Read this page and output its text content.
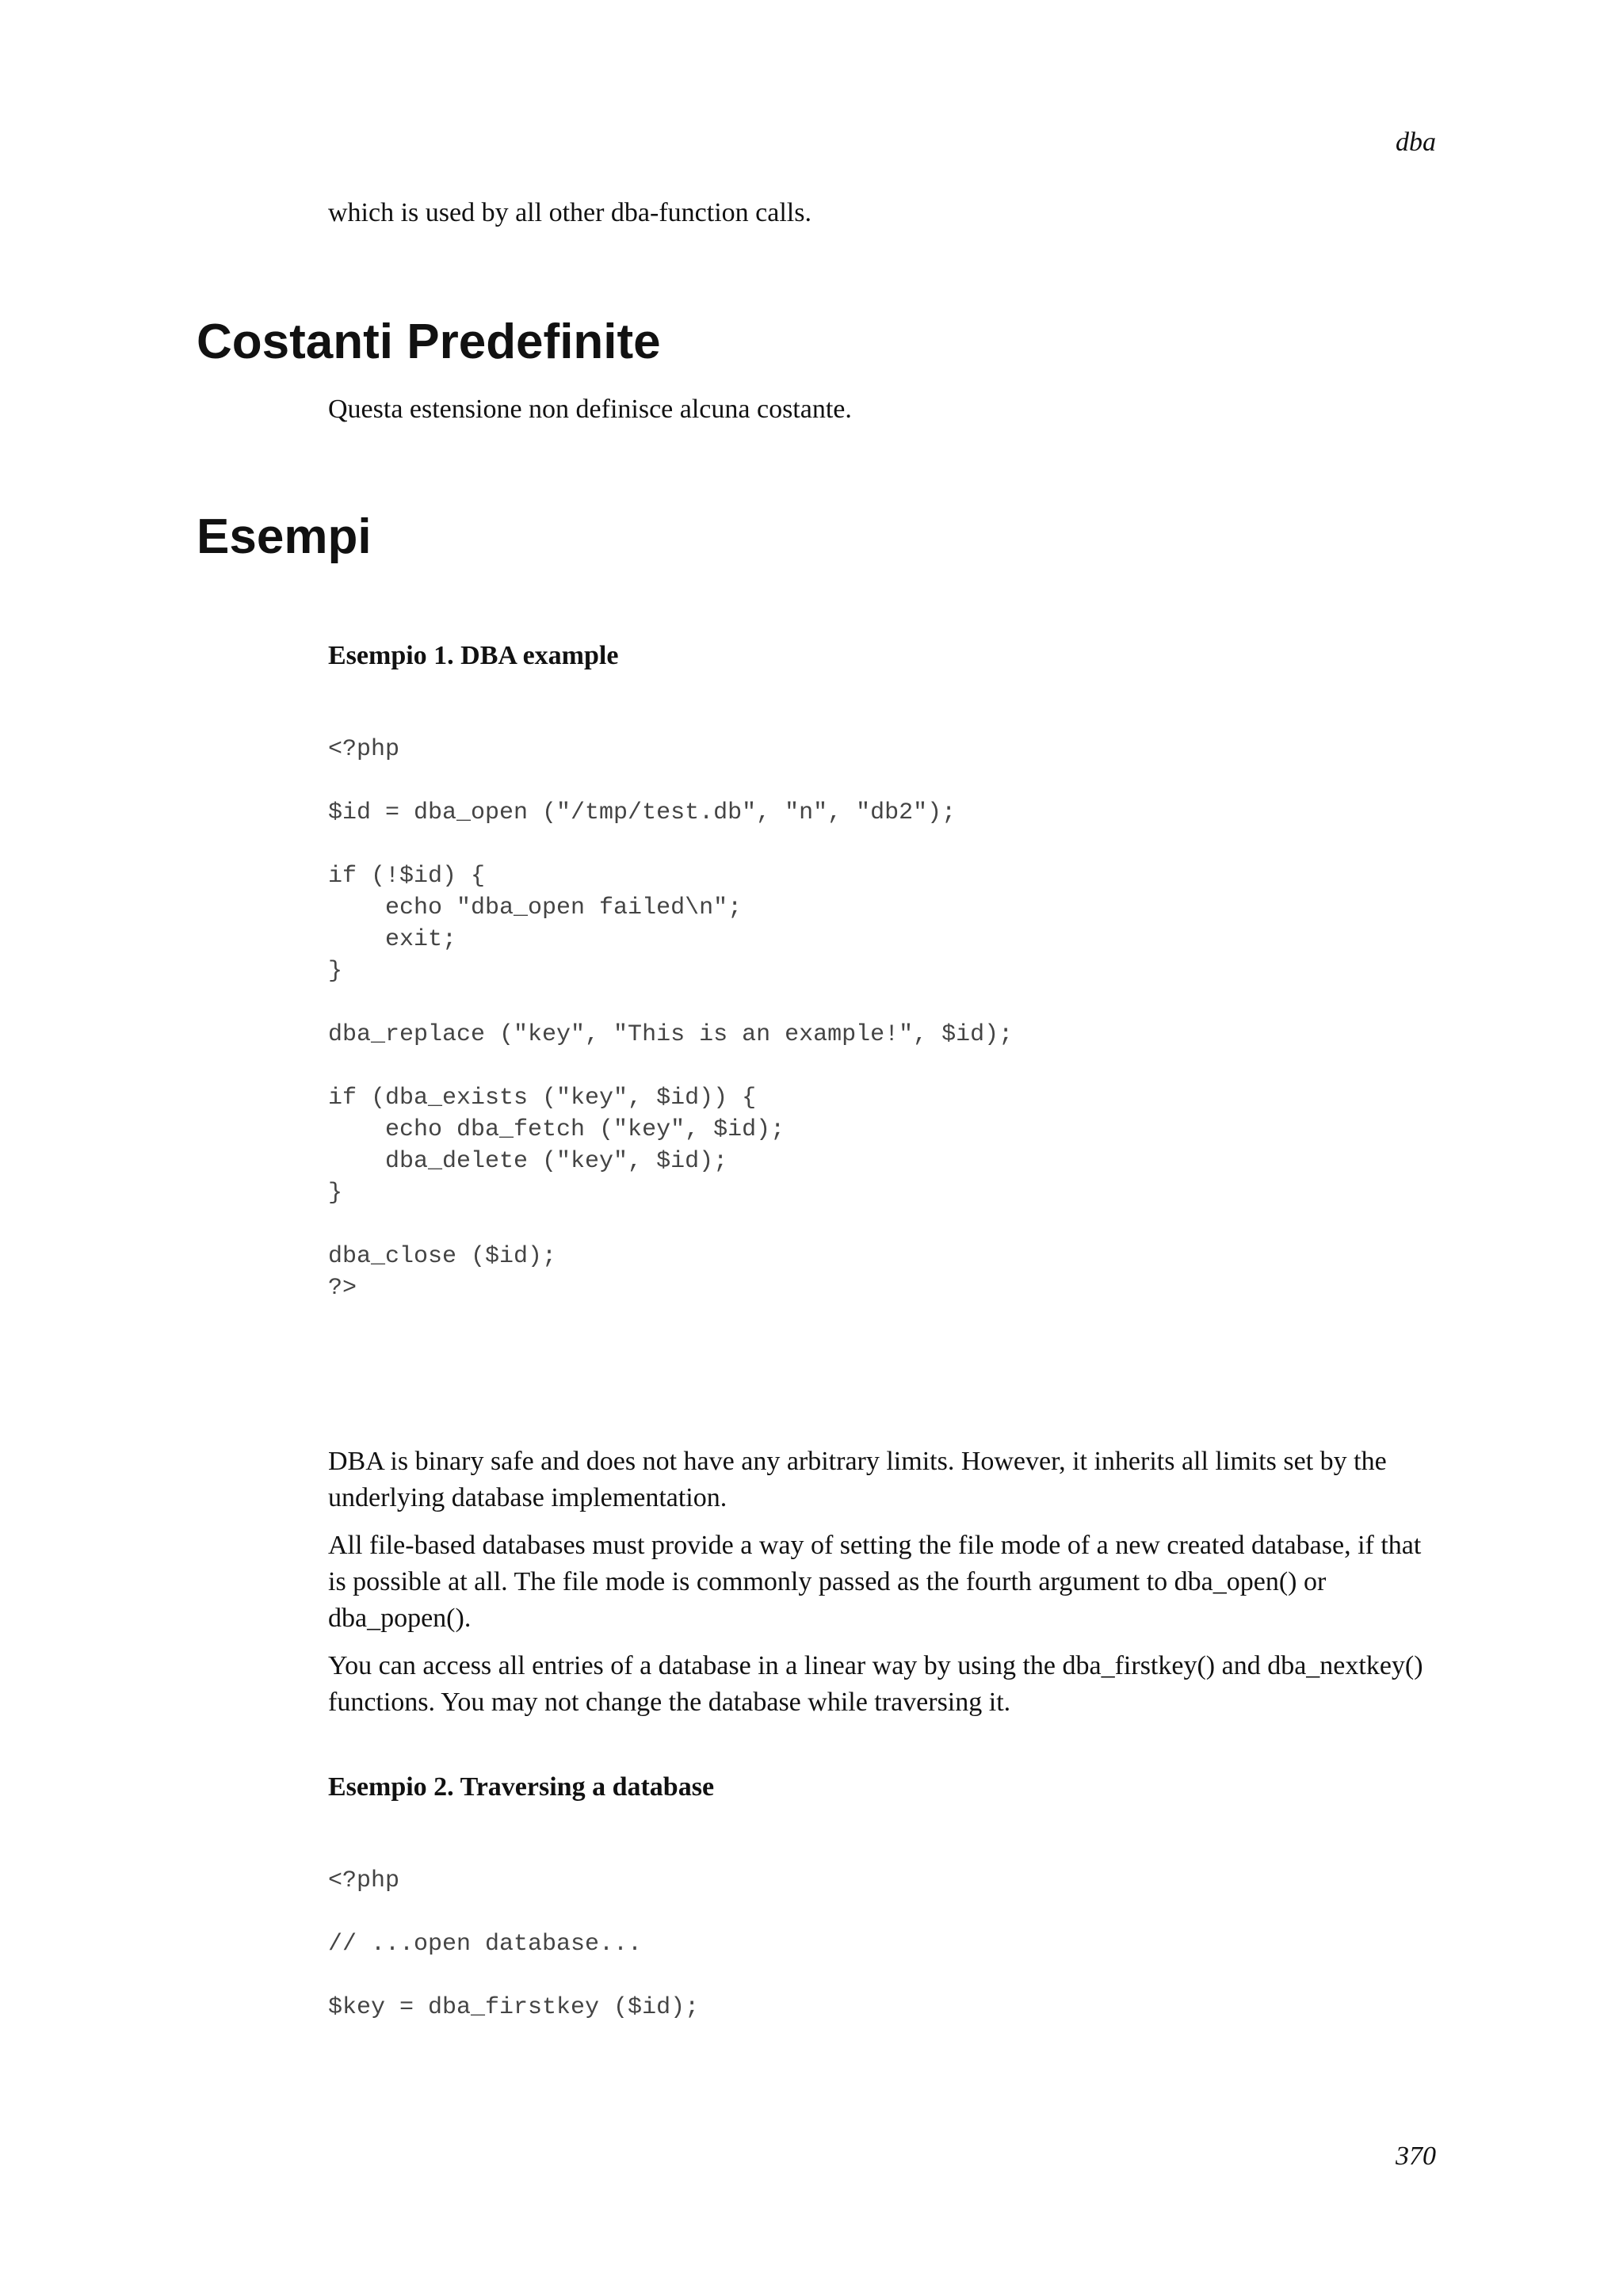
dba

which is used by all other dba-function calls.

Costanti Predefinite

Questa estensione non definisce alcuna costante.

Esempi
Esempio 1. DBA example
<?php
$id = dba_open ("/tmp/test.db", "n", "db2");
if (!$id) {
echo "dba_open failed\n";
exit;
}
dba_replace ("key", "This is an example!", $id);
if (dba_exists ("key", $id)) {
echo dba_fetch ("key", $id);
dba_delete ("key", $id);
}
dba_close ($id);
?>

DBA is binary safe and does not have any arbitrary limits. However, it inherits all limits set by the underlying database implementation.

All file-based databases must provide a way of setting the file mode of a new created database, if that is possible at all. The file mode is commonly passed as the fourth argument to dba_open() or dba_popen().

You can access all entries of a database in a linear way by using the dba_firstkey() and dba_nextkey() functions. You may not change the database while traversing it.

Esempio 2. Traversing a database
<?php
// ...open database...
$key = dba_firstkey ($id);
370
